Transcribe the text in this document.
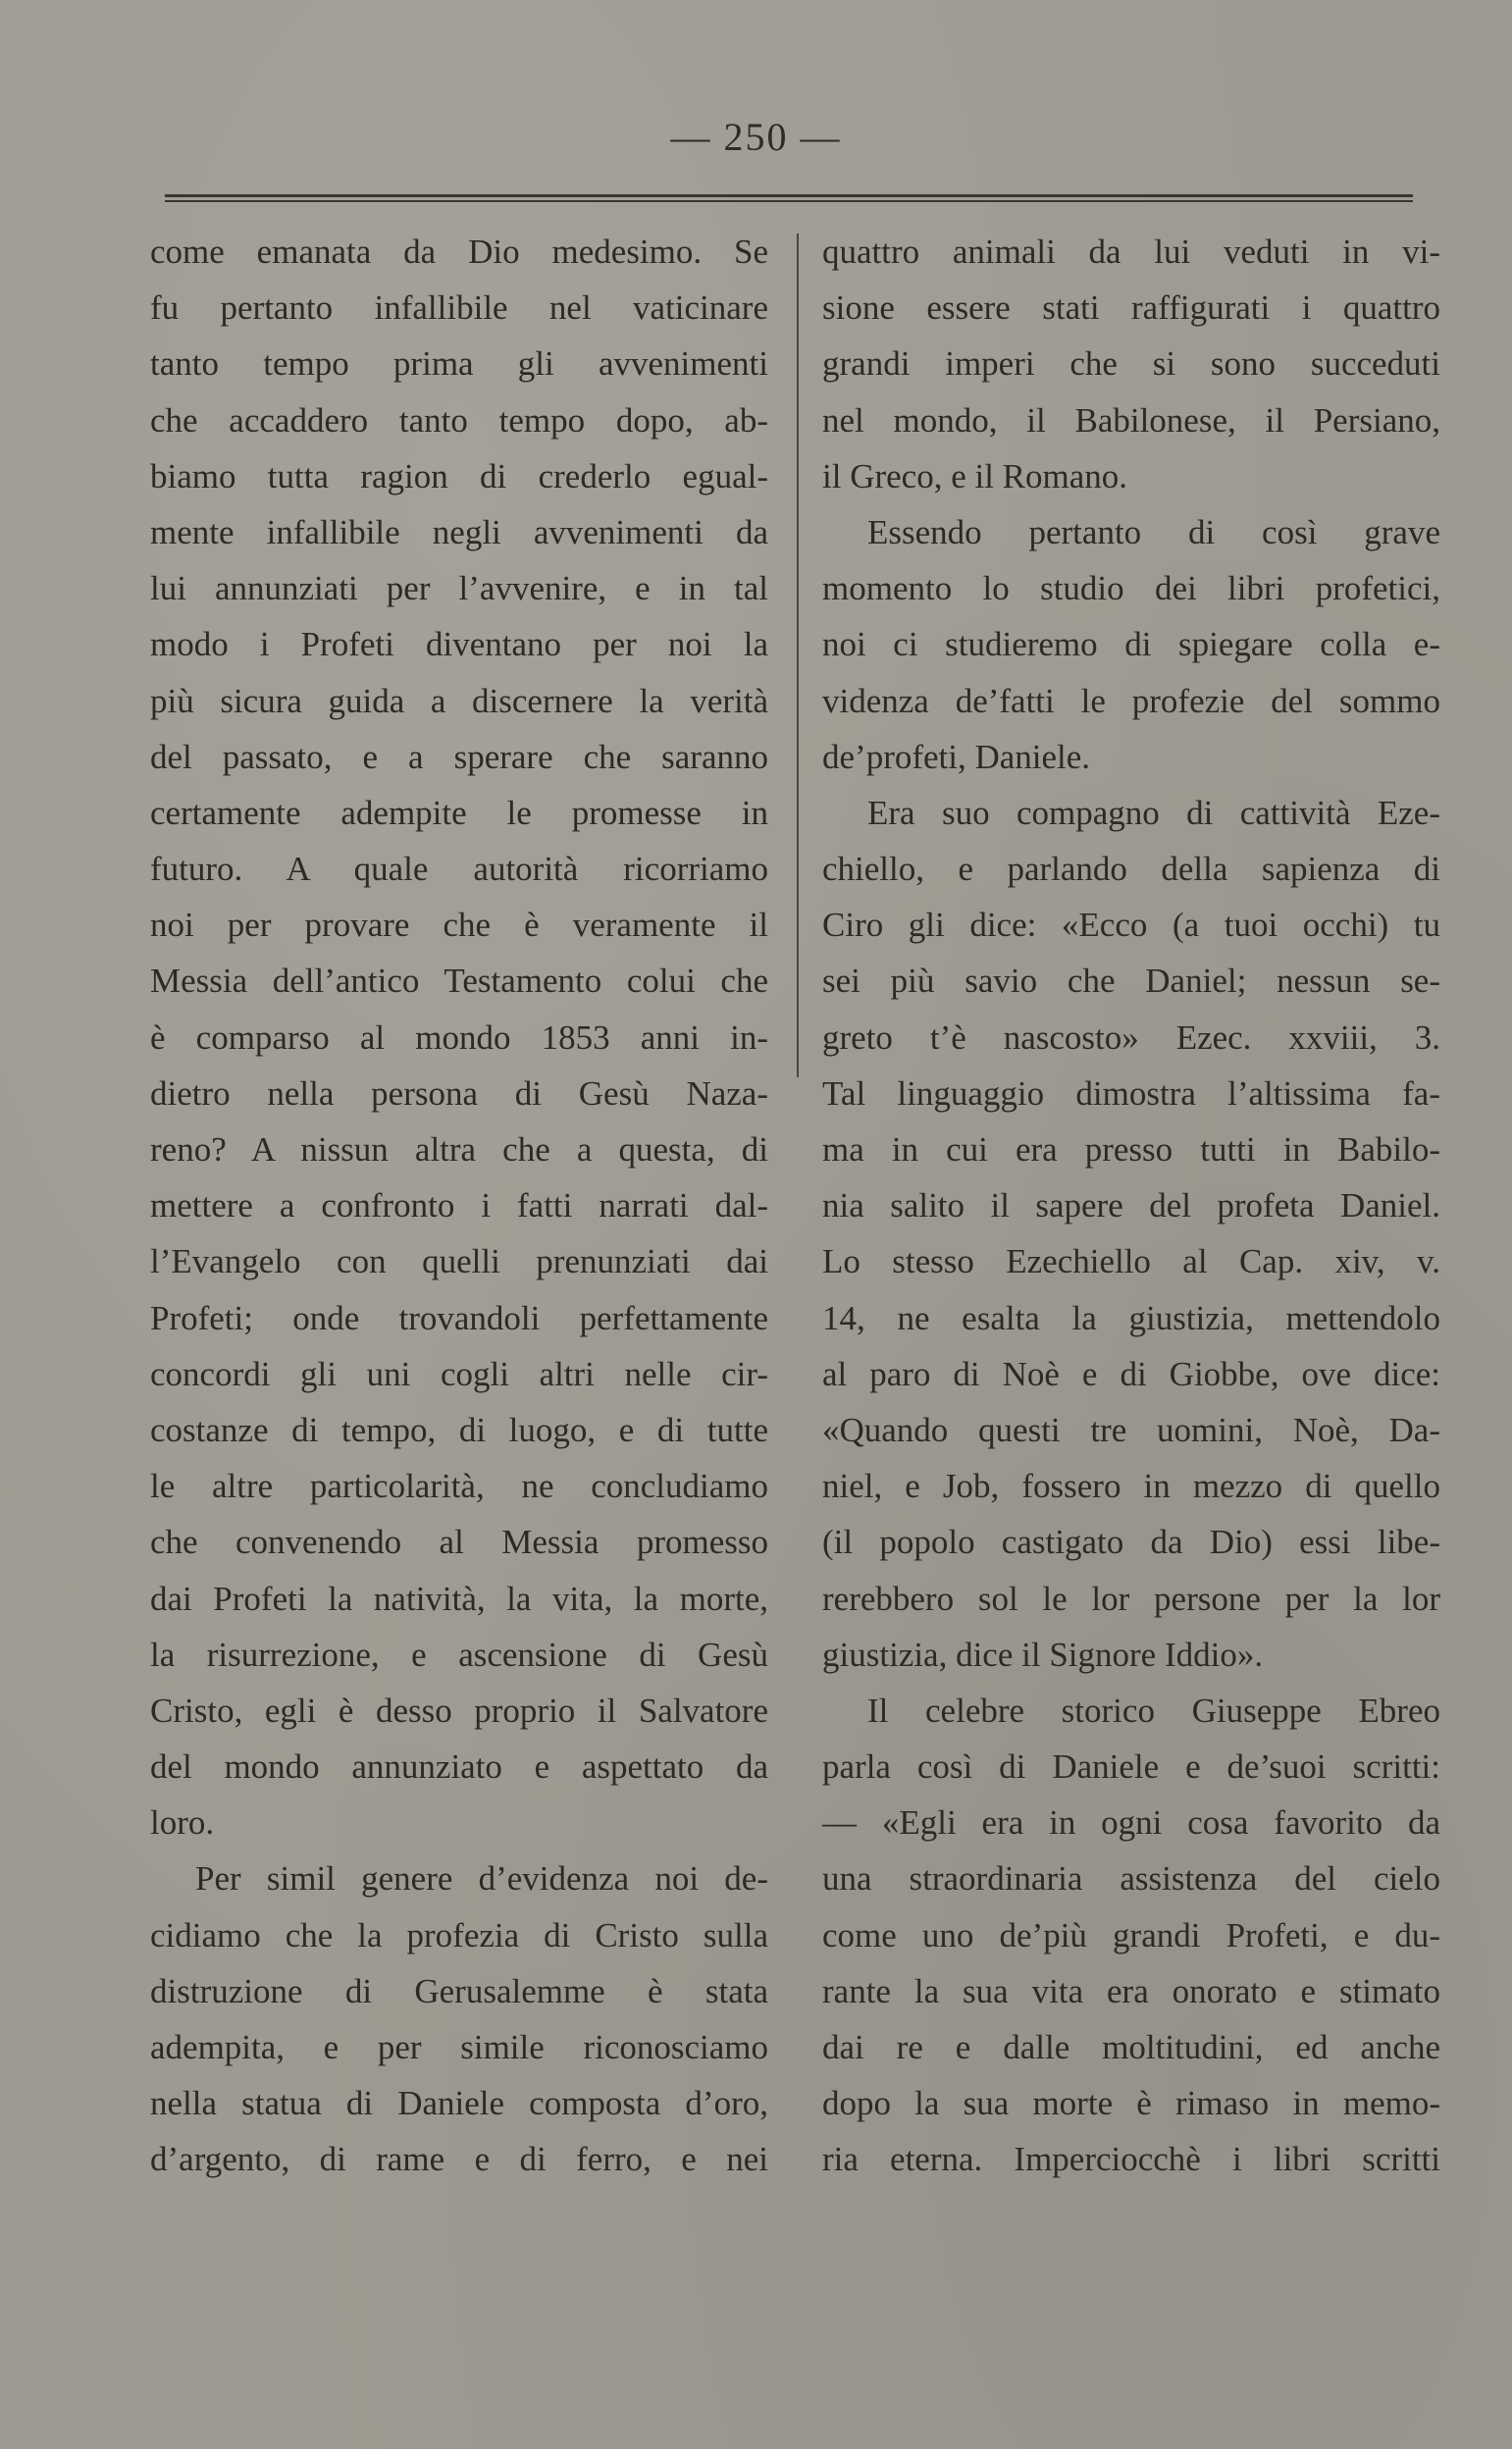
— 250 —
come emanata da Dio medesimo. Se
fu pertanto infallibile nel vaticinare
tanto tempo prima gli avvenimenti
che accaddero tanto tempo dopo, ab-
biamo tutta ragion di crederlo egual-
mente infallibile negli avvenimenti da
lui annunziati per l’avvenire, e in tal
modo i Profeti diventano per noi la
più sicura guida a discernere la verità
del passato, e a sperare che saranno
certamente adempite le promesse in
futuro. A quale autorità ricorriamo
noi per provare che è veramente il
Messia dell’antico Testamento colui che
è comparso al mondo 1853 anni in-
dietro nella persona di Gesù Naza-
reno? A nissun altra che a questa, di
mettere a confronto i fatti narrati dal-
l’Evangelo con quelli prenunziati dai
Profeti; onde trovandoli perfettamente
concordi gli uni cogli altri nelle cir-
costanze di tempo, di luogo, e di tutte
le altre particolarità, ne concludiamo
che convenendo al Messia promesso
dai Profeti la natività, la vita, la morte,
la risurrezione, e ascensione di Gesù
Cristo, egli è desso proprio il Salvatore
del mondo annunziato e aspettato da
loro.
Per simil genere d’evidenza noi de-
cidiamo che la profezia di Cristo sulla
distruzione di Gerusalemme è stata
adempita, e per simile riconosciamo
nella statua di Daniele composta d’oro,
d’argento, di rame e di ferro, e nei
quattro animali da lui veduti in vi-
sione essere stati raffigurati i quattro
grandi imperi che si sono succeduti
nel mondo, il Babilonese, il Persiano,
il Greco, e il Romano.
Essendo pertanto di così grave
momento lo studio dei libri profetici,
noi ci studieremo di spiegare colla e-
videnza de’fatti le profezie del sommo
de’profeti, Daniele.
Era suo compagno di cattività Eze-
chiello, e parlando della sapienza di
Ciro gli dice: «Ecco (a tuoi occhi) tu
sei più savio che Daniel; nessun se-
greto t’è nascosto» Ezec. xxviii, 3.
Tal linguaggio dimostra l’altissima fa-
ma in cui era presso tutti in Babilo-
nia salito il sapere del profeta Daniel.
Lo stesso Ezechiello al Cap. xiv, v.
14, ne esalta la giustizia, mettendolo
al paro di Noè e di Giobbe, ove dice:
«Quando questi tre uomini, Noè, Da-
niel, e Job, fossero in mezzo di quello
(il popolo castigato da Dio) essi libe-
rerebbero sol le lor persone per la lor
giustizia, dice il Signore Iddio».
Il celebre storico Giuseppe Ebreo
parla così di Daniele e de’suoi scritti:
— «Egli era in ogni cosa favorito da
una straordinaria assistenza del cielo
come uno de’più grandi Profeti, e du-
rante la sua vita era onorato e stimato
dai re e dalle moltitudini, ed anche
dopo la sua morte è rimaso in memo-
ria eterna. Imperciocchè i libri scritti
